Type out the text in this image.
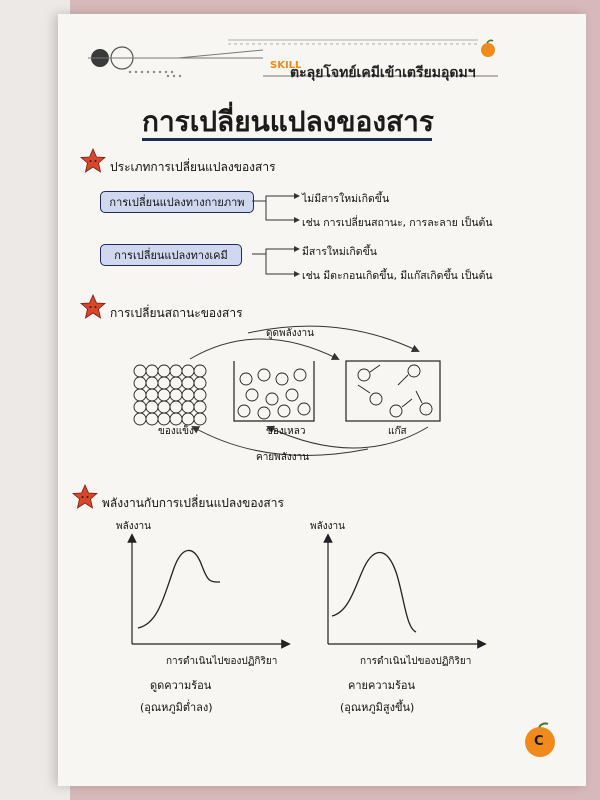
SKILL
ตะลุยโจทย์เคมีเข้าเตรียมอุดมฯ
การเปลี่ยนแปลงของสาร
ประเภทการเปลี่ยนแปลงของสาร
การเปลี่ยนแปลงทางกายภาพ
การเปลี่ยนแปลงทางเคมี
ไม่มีสารใหม่เกิดขึ้น
เช่น การเปลี่ยนสถานะ, การละลาย เป็นต้น
มีสารใหม่เกิดขึ้น
เช่น มีตะกอนเกิดขึ้น, มีแก๊สเกิดขึ้น เป็นต้น
การเปลี่ยนสถานะของสาร
ดูดพลังงาน
ของแข็ง	ของเหลว	แก๊ส
คายพลังงาน
พลังงานกับการเปลี่ยนแปลงของสาร
พลังงาน
การดำเนินไปของปฏิกิริยา
ดูดความร้อน
(อุณหภูมิต่ำลง)
พลังงาน
การดำเนินไปของปฏิกิริยา
คายความร้อน
(อุณหภูมิสูงขึ้น)
C
